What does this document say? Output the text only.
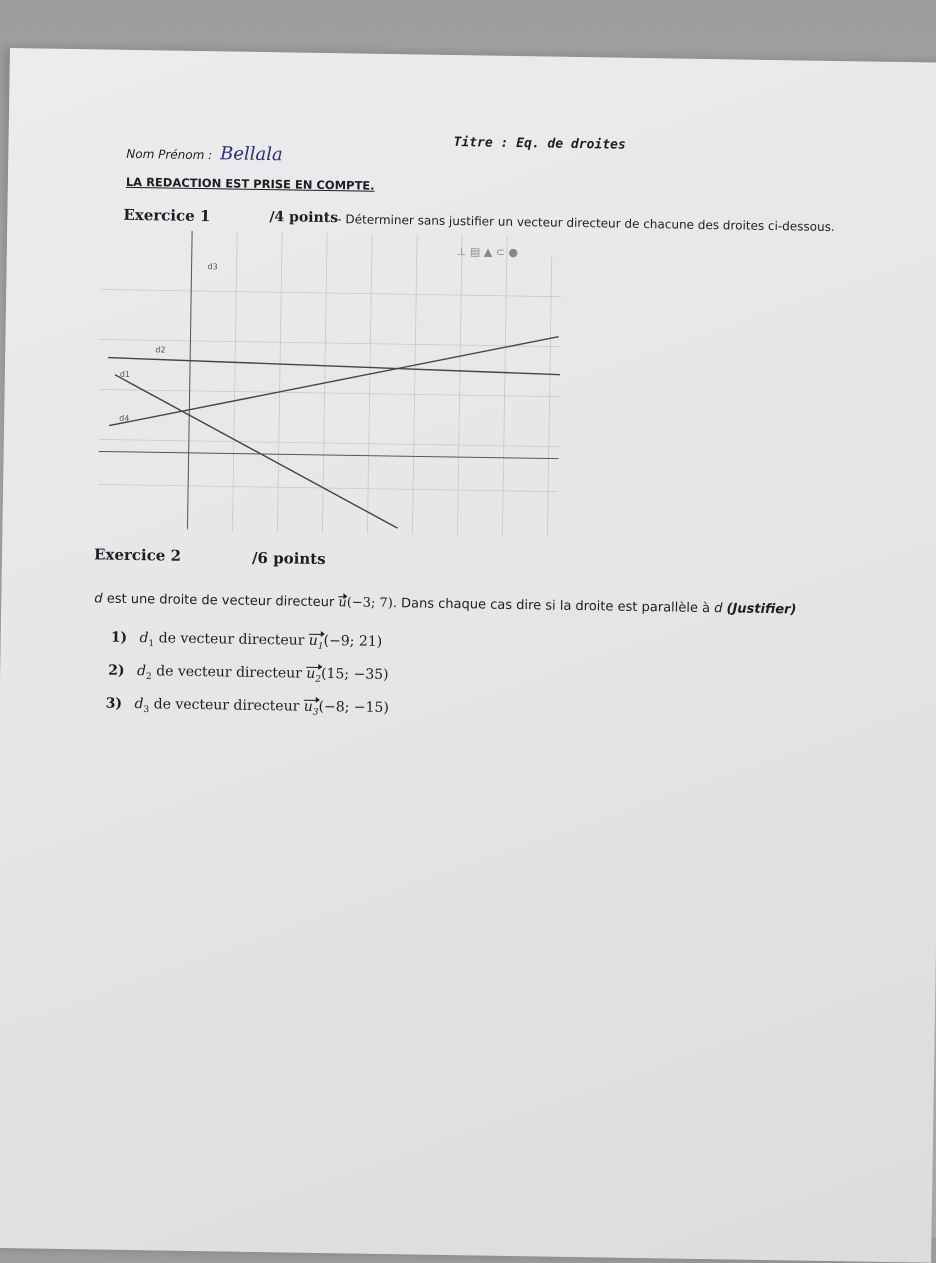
Titre : Eq. de droites
Nom Prénom : Bellala
LA REDACTION EST PRISE EN COMPTE.
Exercice 1	/4 points - Déterminer sans justifier un vecteur directeur de chacune des droites ci-dessous.
⊥ ▤ ▲ ⊂ ●
d3
d2
d1
d4
Exercice 2	/6 points
d est une droite de vecteur directeur u(−3; 7). Dans chaque cas dire si la droite est parallèle à d (Justifier)
1) $d_1$ de vecteur directeur $u_1(-9$; 21)
2) $d_2$ de vecteur directeur $u_2(15$; −35)
3) $d_3$ de vecteur directeur $u_3(-8$; −15)
